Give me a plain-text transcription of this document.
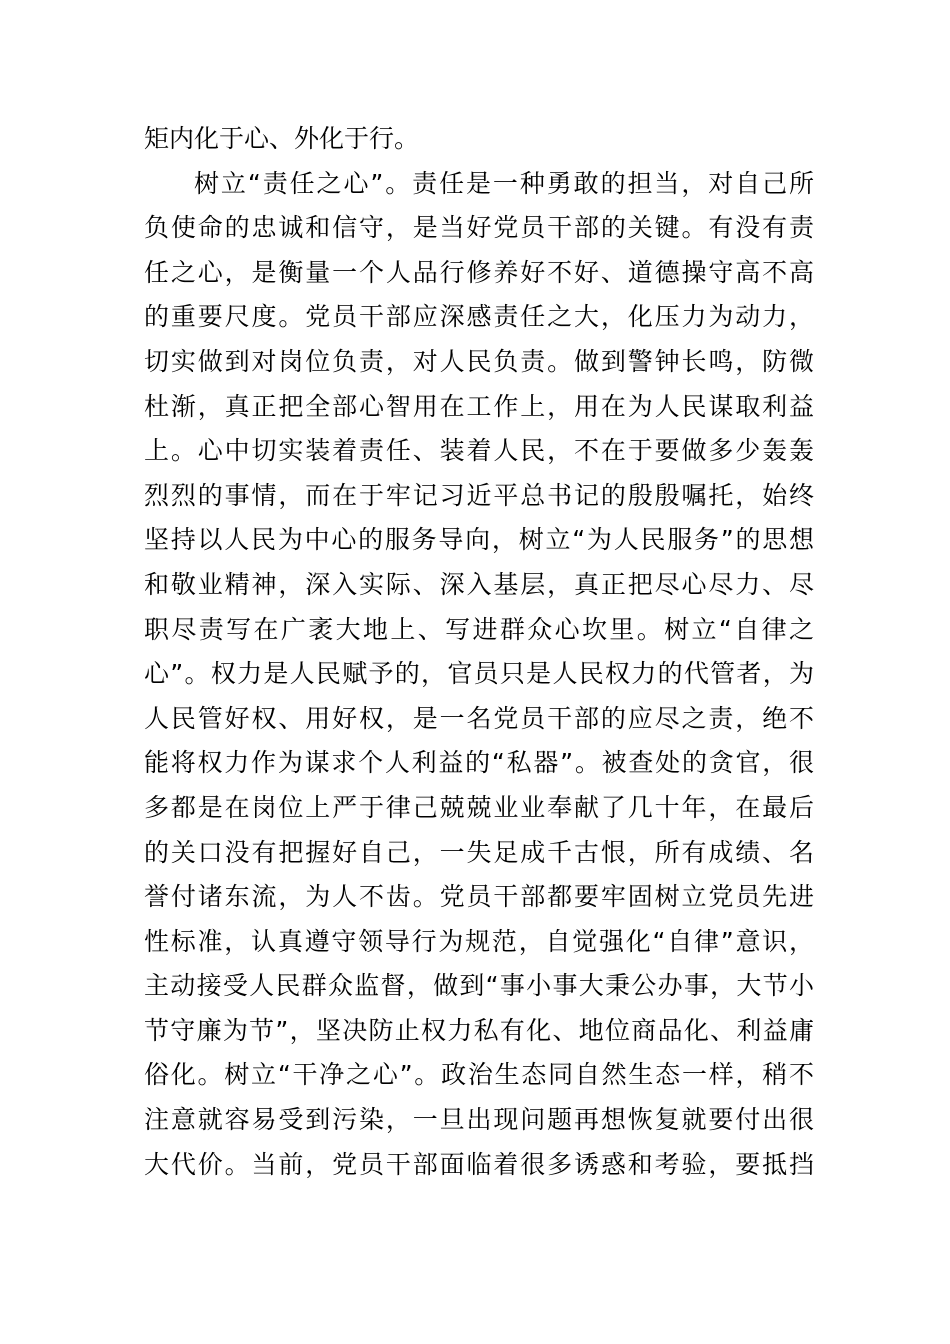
矩内化于心、外化于行。
树立“责任之心”。责任是一种勇敢的担当，对自己所
负使命的忠诚和信守，是当好党员干部的关键。有没有责
任之心，是衡量一个人品行修养好不好、道德操守高不高
的重要尺度。党员干部应深感责任之大，化压力为动力，
切实做到对岗位负责，对人民负责。做到警钟长鸣，防微
杜渐，真正把全部心智用在工作上，用在为人民谋取利益
上。心中切实装着责任、装着人民，不在于要做多少轰轰
烈烈的事情，而在于牢记习近平总书记的殷殷嘱托，始终
坚持以人民为中心的服务导向，树立“为人民服务”的思想
和敬业精神，深入实际、深入基层，真正把尽心尽力、尽
职尽责写在广袤大地上、写进群众心坎里。树立“自律之
心”。权力是人民赋予的，官员只是人民权力的代管者，为
人民管好权、用好权，是一名党员干部的应尽之责，绝不
能将权力作为谋求个人利益的“私器”。被查处的贪官，很
多都是在岗位上严于律己兢兢业业奉献了几十年，在最后
的关口没有把握好自己，一失足成千古恨，所有成绩、名
誉付诸东流，为人不齿。党员干部都要牢固树立党员先进
性标准，认真遵守领导行为规范，自觉强化“自律”意识，
主动接受人民群众监督，做到“事小事大秉公办事，大节小
节守廉为节”，坚决防止权力私有化、地位商品化、利益庸
俗化。树立“干净之心”。政治生态同自然生态一样，稍不
注意就容易受到污染，一旦出现问题再想恢复就要付出很
大代价。当前，党员干部面临着很多诱惑和考验，要抵挡
